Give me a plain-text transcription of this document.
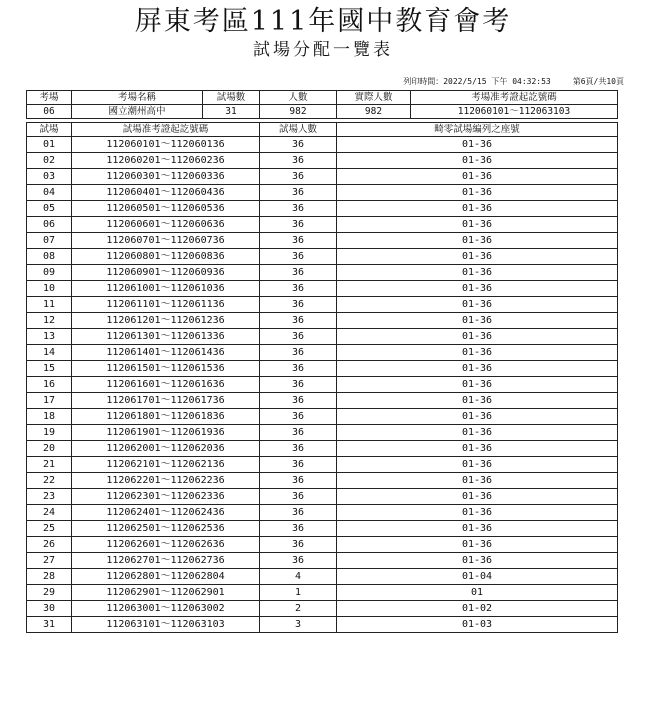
屏東考區111年國中教育會考
試場分配一覽表
列印時間：2022/5/15 下午 04:32:53	第6頁/共10頁
考場	考場名稱	試場數	人數	實際人數	考場准考證起訖號碼
06	國立潮州高中	31	982	982	112060101～112063103
試場	試場准考證起訖號碼	試場人數	畸零試場編列之座號
01	112060101～112060136	36	01-36
02	112060201～112060236	36	01-36
03	112060301～112060336	36	01-36
04	112060401～112060436	36	01-36
05	112060501～112060536	36	01-36
06	112060601～112060636	36	01-36
07	112060701～112060736	36	01-36
08	112060801～112060836	36	01-36
09	112060901～112060936	36	01-36
10	112061001～112061036	36	01-36
11	112061101～112061136	36	01-36
12	112061201～112061236	36	01-36
13	112061301～112061336	36	01-36
14	112061401～112061436	36	01-36
15	112061501～112061536	36	01-36
16	112061601～112061636	36	01-36
17	112061701～112061736	36	01-36
18	112061801～112061836	36	01-36
19	112061901～112061936	36	01-36
20	112062001～112062036	36	01-36
21	112062101～112062136	36	01-36
22	112062201～112062236	36	01-36
23	112062301～112062336	36	01-36
24	112062401～112062436	36	01-36
25	112062501～112062536	36	01-36
26	112062601～112062636	36	01-36
27	112062701～112062736	36	01-36
28	112062801～112062804	4	01-04
29	112062901～112062901	1	01
30	112063001～112063002	2	01-02
31	112063101～112063103	3	01-03
